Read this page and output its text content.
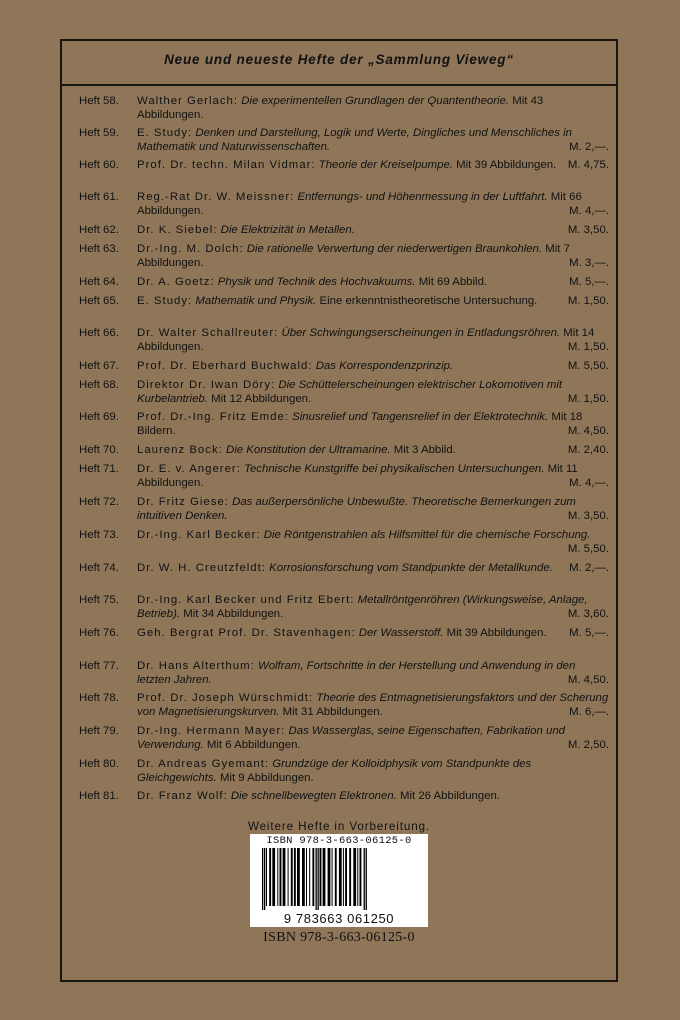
Neue und neueste Hefte der „Sammlung Vieweg“
Heft 58. Walther Gerlach: Die experimentellen Grundlagen der Quantentheorie. Mit 43 Abbildungen.
Heft 59. E. Study: Denken und Darstellung, Logik und Werte, Dingliches und Menschliches in Mathematik und Naturwissenschaften.	M. 2,—.
Heft 60. Prof. Dr. techn. Milan Vidmar: Theorie der Kreiselpumpe. Mit 39 Abbildungen. M. 4,75.
Heft 61. Reg.-Rat Dr. W. Meissner: Entfernungs- und Höhenmessung in der Luftfahrt. Mit 66 Abbildungen.	M. 4,—.
Heft 62. Dr. K. Siebel: Die Elektrizität in Metallen.	M. 3,50.
Heft 63. Dr.-Ing. M. Dolch: Die rationelle Verwertung der niederwertigen Braunkohlen. Mit 7 Abbildungen.	M. 3,—.
Heft 64. Dr. A. Goetz: Physik und Technik des Hochvakuums. Mit 69 Abbild.	M. 5,—.
Heft 65. E. Study: Mathematik und Physik. Eine erkenntnistheoretische Untersuchung.	M. 1,50.
Heft 66. Dr. Walter Schallreuter: Über Schwingungserscheinungen in Entladungsröhren. Mit 14 Abbildungen.	M. 1,50.
Heft 67. Prof. Dr. Eberhard Buchwald: Das Korrespondenzprinzip.	M. 5,50.
Heft 68. Direktor Dr. Iwan Döry: Die Schüttelerscheinungen elektrischer Lokomotiven mit Kurbelantrieb. Mit 12 Abbildungen.	M. 1,50.
Heft 69. Prof. Dr.-Ing. Fritz Emde: Sinusrelief und Tangensrelief in der Elektrotechnik. Mit 18 Bildern.	M. 4,50.
Heft 70. Laurenz Bock: Die Konstitution der Ultramarine. Mit 3 Abbild.	M. 2,40.
Heft 71. Dr. E. v. Angerer: Technische Kunstgriffe bei physikalischen Untersuchungen. Mit 11 Abbildungen.	M. 4,—.
Heft 72. Dr. Fritz Giese: Das außerpersönliche Unbewußte. Theoretische Bemerkungen zum intuitiven Denken.	M. 3,50.
Heft 73. Dr.-Ing. Karl Becker: Die Röntgenstrahlen als Hilfsmittel für die chemische Forschung.
M. 5,50.
Heft 74. Dr. W. H. Creutzfeldt: Korrosionsforschung vom Standpunkte der Metallkunde. M. 2,—.
Heft 75. Dr.-Ing. Karl Becker und Fritz Ebert: Metallröntgenröhren (Wirkungsweise, Anlage, Betrieb). Mit 34 Abbildungen.	M. 3,60.
Heft 76. Geh. Bergrat Prof. Dr. Stavenhagen: Der Wasserstoff. Mit 39 Abbildungen. M. 5,—.
Heft 77. Dr. Hans Alterthum: Wolfram, Fortschritte in der Herstellung und Anwendung in den letzten Jahren.	M. 4,50.
Heft 78. Prof. Dr. Joseph Würschmidt: Theorie des Entmagnetisierungsfaktors und der Scherung von Magnetisierungskurven. Mit 31 Abbildungen.	M. 6,—.
Heft 79. Dr.-Ing. Hermann Mayer: Das Wasserglas, seine Eigenschaften, Fabrikation und Verwendung. Mit 6 Abbildungen.	M. 2,50.
Heft 80. Dr. Andreas Gyemant: Grundzüge der Kolloidphysik vom Standpunkte des Gleichgewichts. Mit 9 Abbildungen.
Heft 81. Dr. Franz Wolf: Die schnellbewegten Elektronen. Mit 26 Abbildungen.
Weitere Hefte in Vorbereitung.
ISBN 978-3-663-06125-0
9 783663 061250
ISBN 978-3-663-06125-0
